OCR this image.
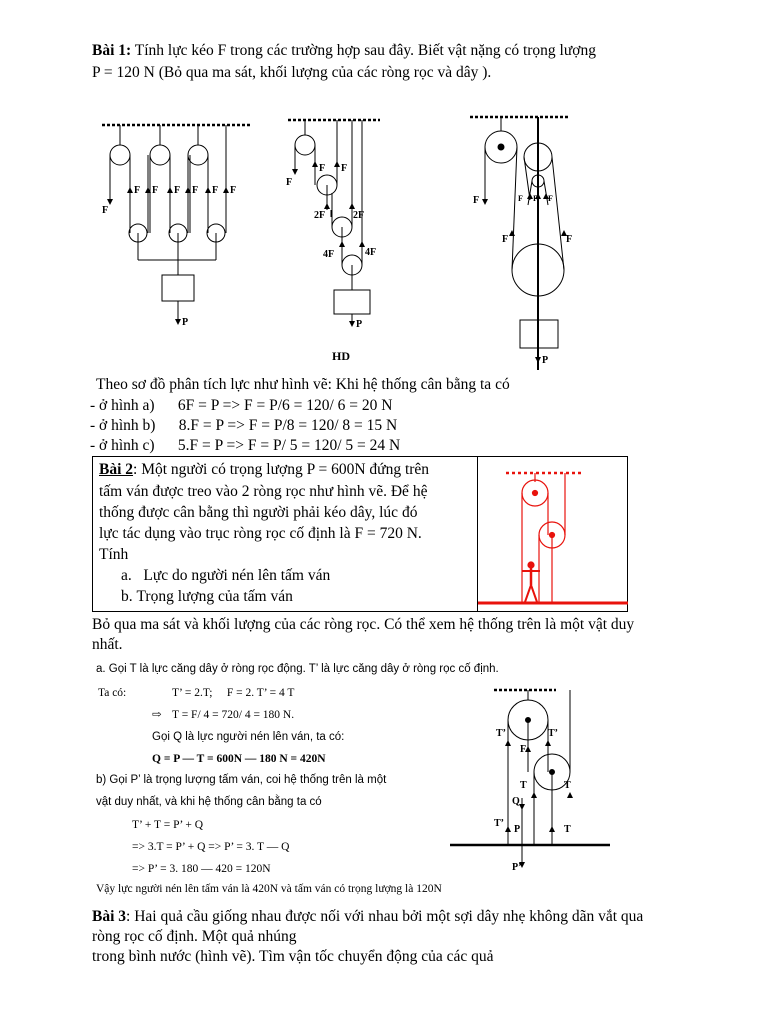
Bài 1: Tính lực kéo F trong các trường hợp sau đây. Biết vật nặng có trọng lượng
P = 120 N (Bỏ qua ma sát, khối lượng của các ròng rọc và dây ).
F
F F F F F F
P
F
F F
2F	2F
4F	4F
P
F
F	F
F F F
P
HD
Theo sơ đồ phân tích lực như hình vẽ: Khi hệ thống cân bằng ta có
- ở hình a)      6F = P => F = P/6 = 120/ 6 = 20 N
- ở hình b)      8.F = P => F = P/8 = 120/ 8 = 15 N
- ở hình c)      5.F = P => F = P/ 5 = 120/ 5 = 24 N
Bài 2: Một người có trọng lượng P = 600N đứng trên
tấm ván được treo vào 2 ròng rọc như hình vẽ. Để hệ
thống được cân bằng thì người phải kéo dây, lúc đó
lực tác dụng vào trục ròng rọc cố định là F = 720 N.
Tính
a. Lực do người nén lên tấm ván
b. Trọng lượng của tấm ván
Bỏ qua ma sát và khối lượng của các ròng rọc. Có thể xem hệ thống trên là một vật duy
nhất.
a. Gọi T là lực căng dây ở ròng rọc động. T’ là lực căng dây ở ròng rọc cố định.
Ta có:	T’ = 2.T;     F = 2. T’ = 4 T
⇨ T = F/ 4 = 720/ 4 = 180 N.
Gọi Q là lực người nén lên ván, ta có:
Q = P — T = 600N — 180 N = 420N
b) Gọi P’ là trọng lượng tấm ván, coi hệ thống trên là một
vật duy nhất, và khi hệ thống cân bằng ta có
T’ + T = P’ + Q
=> 3.T = P’ + Q => P’ = 3. T — Q
=> P’ = 3. 180 — 420 = 120N
Vậy lực người nén lên tấm ván là 420N và tấm ván có trọng lượng là 120N
T’	T’
F
T	T
Q
T’
P	T
P’
Bài 3: Hai quả cầu giống nhau được nối với nhau bởi một sợi dây nhẹ không dãn vắt qua
ròng rọc cố định. Một quả nhúng
trong bình nước (hình vẽ). Tìm vận tốc chuyển động của các quả
